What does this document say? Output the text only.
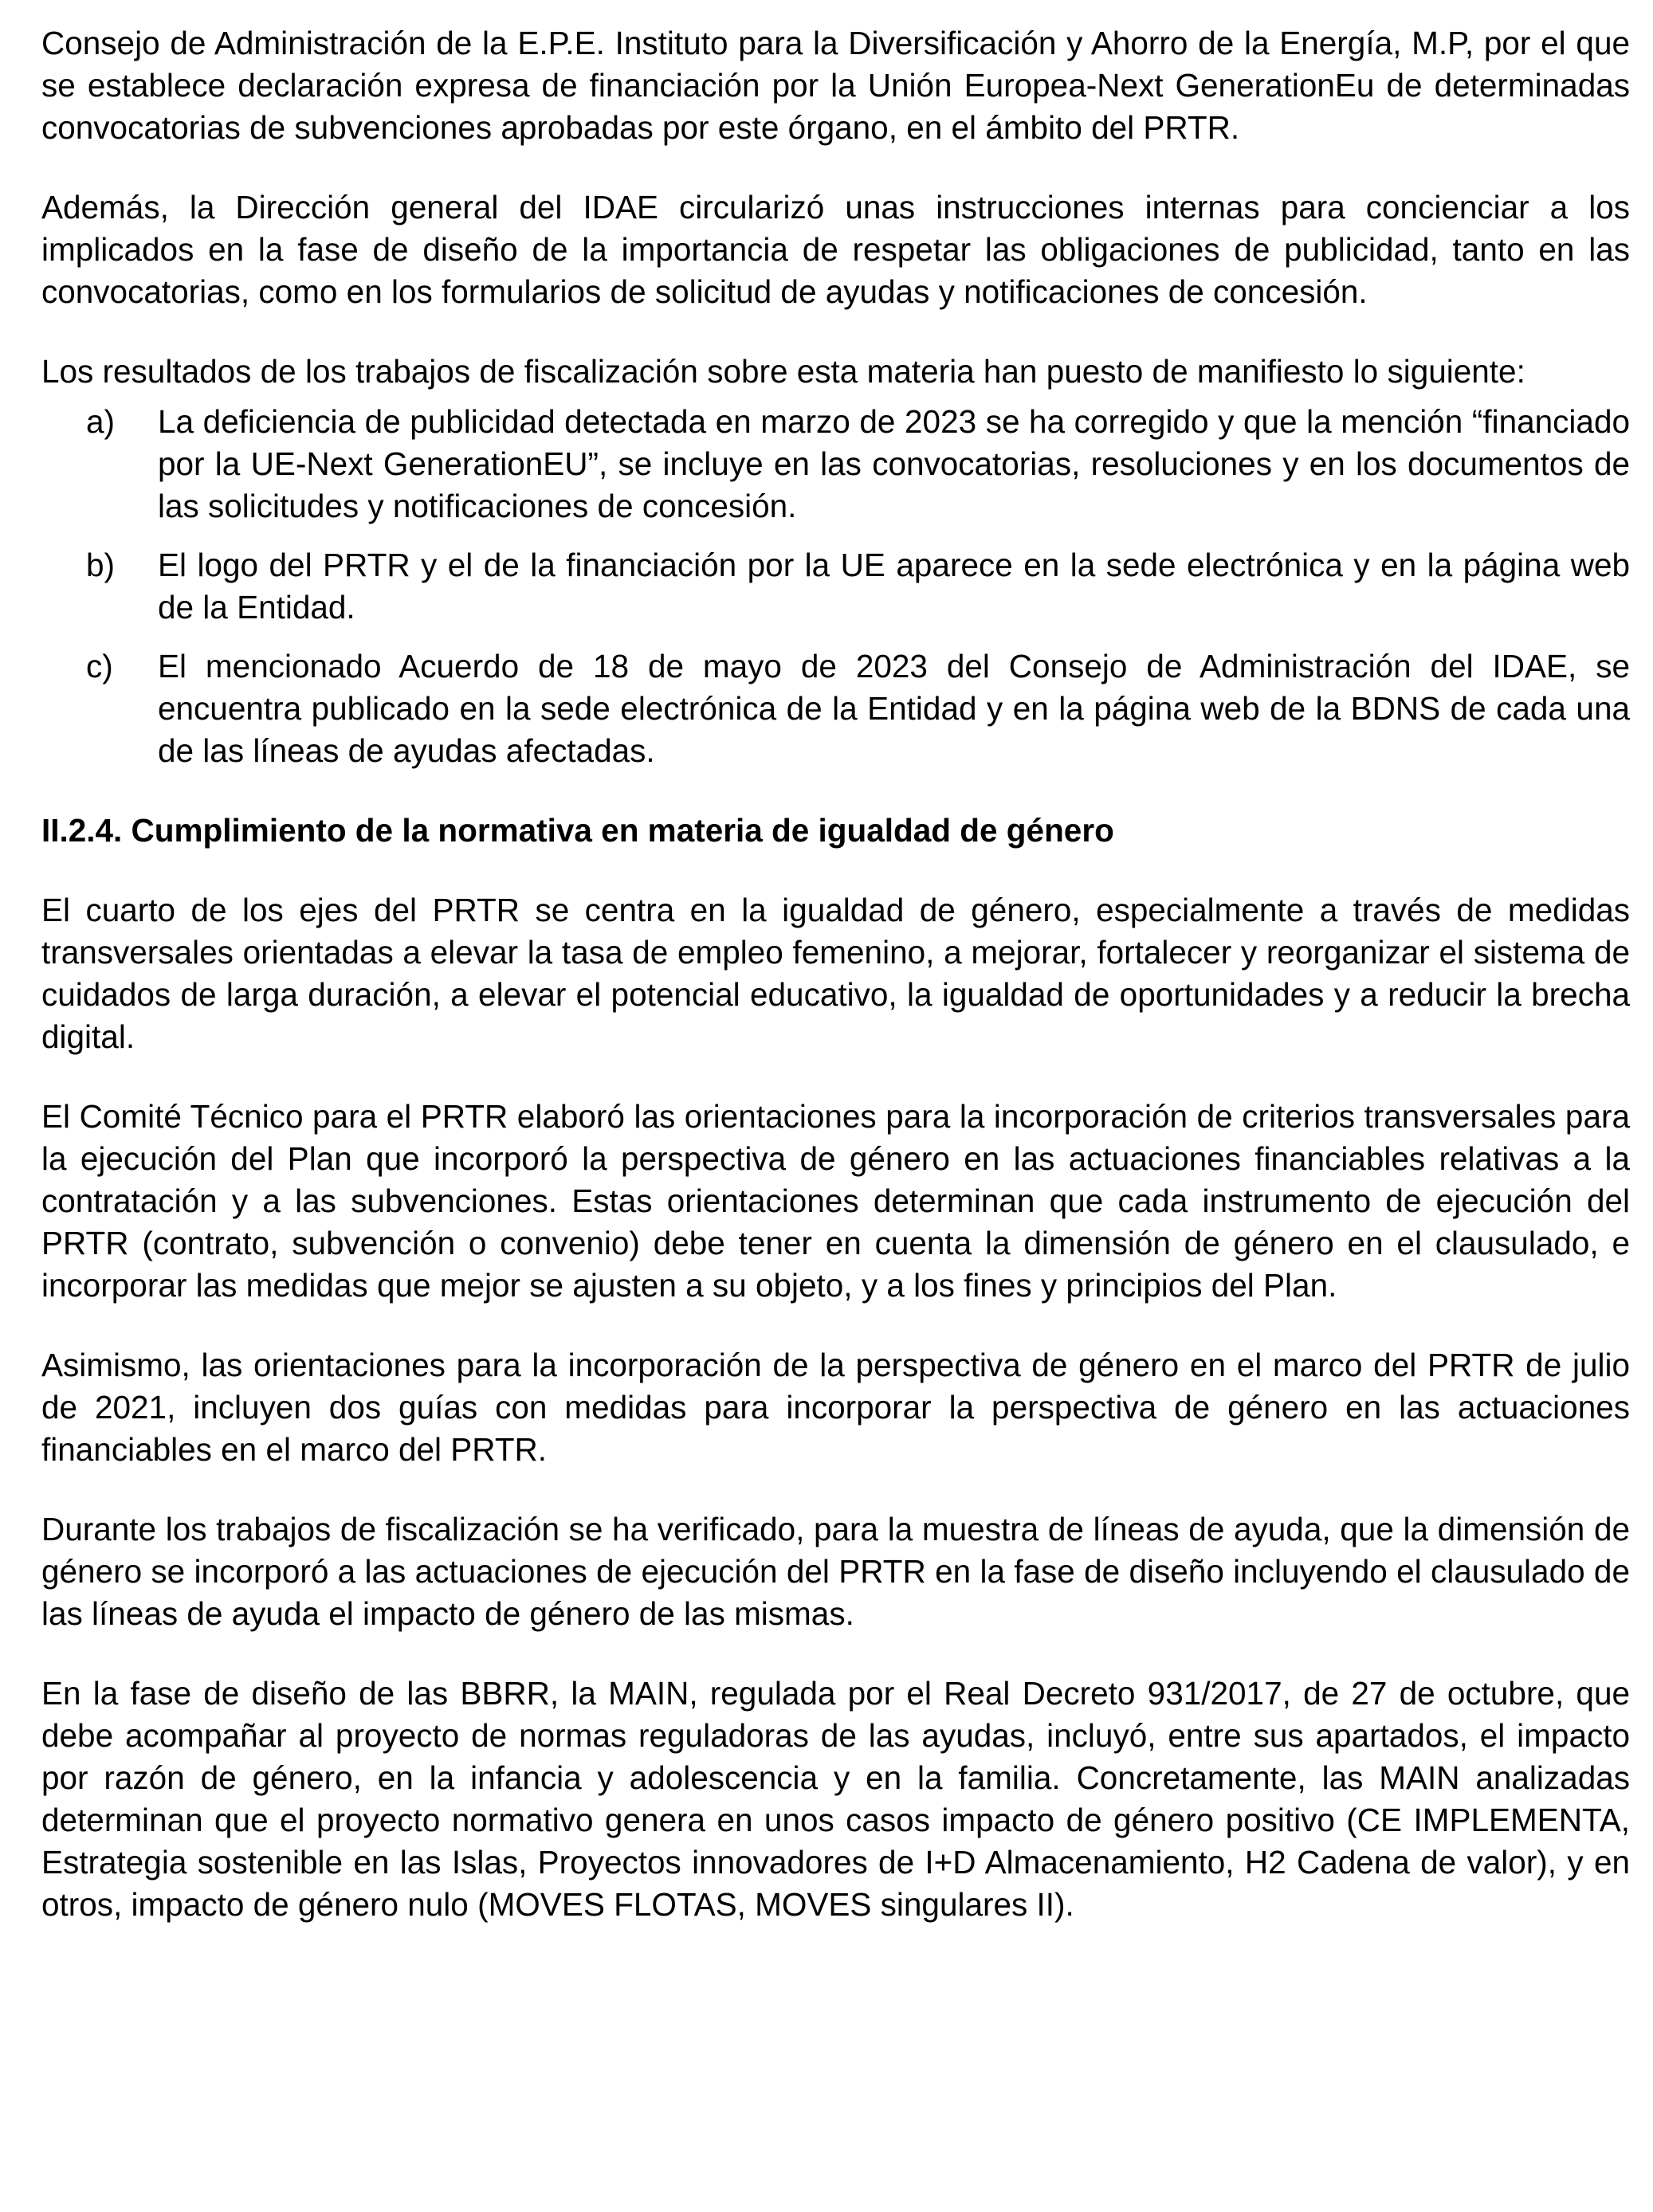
Consejo de Administración de la E.P.E. Instituto para la Diversificación y Ahorro de la Energía, M.P, por el que se establece declaración expresa de financiación por la Unión Europea-Next GenerationEu de determinadas convocatorias de subvenciones aprobadas por este órgano, en el ámbito del PRTR.

Además, la Dirección general del IDAE circularizó unas instrucciones internas para concienciar a los implicados en la fase de diseño de la importancia de respetar las obligaciones de publicidad, tanto en las convocatorias, como en los formularios de solicitud de ayudas y notificaciones de concesión.

Los resultados de los trabajos de fiscalización sobre esta materia han puesto de manifiesto lo siguiente:

a) La deficiencia de publicidad detectada en marzo de 2023 se ha corregido y que la mención “financiado por la UE-Next GenerationEU”, se incluye en las convocatorias, resoluciones y en los documentos de las solicitudes y notificaciones de concesión.
b) El logo del PRTR y el de la financiación por la UE aparece en la sede electrónica y en la página web de la Entidad.
c) El mencionado Acuerdo de 18 de mayo de 2023 del Consejo de Administración del IDAE, se encuentra publicado en la sede electrónica de la Entidad y en la página web de la BDNS de cada una de las líneas de ayudas afectadas.
II.2.4. Cumplimiento de la normativa en materia de igualdad de género

El cuarto de los ejes del PRTR se centra en la igualdad de género, especialmente a través de medidas transversales orientadas a elevar la tasa de empleo femenino, a mejorar, fortalecer y reorganizar el sistema de cuidados de larga duración, a elevar el potencial educativo, la igualdad de oportunidades y a reducir la brecha digital.

El Comité Técnico para el PRTR elaboró las orientaciones para la incorporación de criterios transversales para la ejecución del Plan que incorporó la perspectiva de género en las actuaciones financiables relativas a la contratación y a las subvenciones. Estas orientaciones determinan que cada instrumento de ejecución del PRTR (contrato, subvención o convenio) debe tener en cuenta la dimensión de género en el clausulado, e incorporar las medidas que mejor se ajusten a su objeto, y a los fines y principios del Plan.

Asimismo, las orientaciones para la incorporación de la perspectiva de género en el marco del PRTR de julio de 2021, incluyen dos guías con medidas para incorporar la perspectiva de género en las actuaciones financiables en el marco del PRTR.

Durante los trabajos de fiscalización se ha verificado, para la muestra de líneas de ayuda, que la dimensión de género se incorporó a las actuaciones de ejecución del PRTR en la fase de diseño incluyendo el clausulado de las líneas de ayuda el impacto de género de las mismas.

En la fase de diseño de las BBRR, la MAIN, regulada por el Real Decreto 931/2017, de 27 de octubre, que debe acompañar al proyecto de normas reguladoras de las ayudas, incluyó, entre sus apartados, el impacto por razón de género, en la infancia y adolescencia y en la familia. Concretamente, las MAIN analizadas determinan que el proyecto normativo genera en unos casos impacto de género positivo (CE IMPLEMENTA, Estrategia sostenible en las Islas, Proyectos innovadores de I+D Almacenamiento, H2 Cadena de valor), y en otros, impacto de género nulo (MOVES FLOTAS, MOVES singulares II).
